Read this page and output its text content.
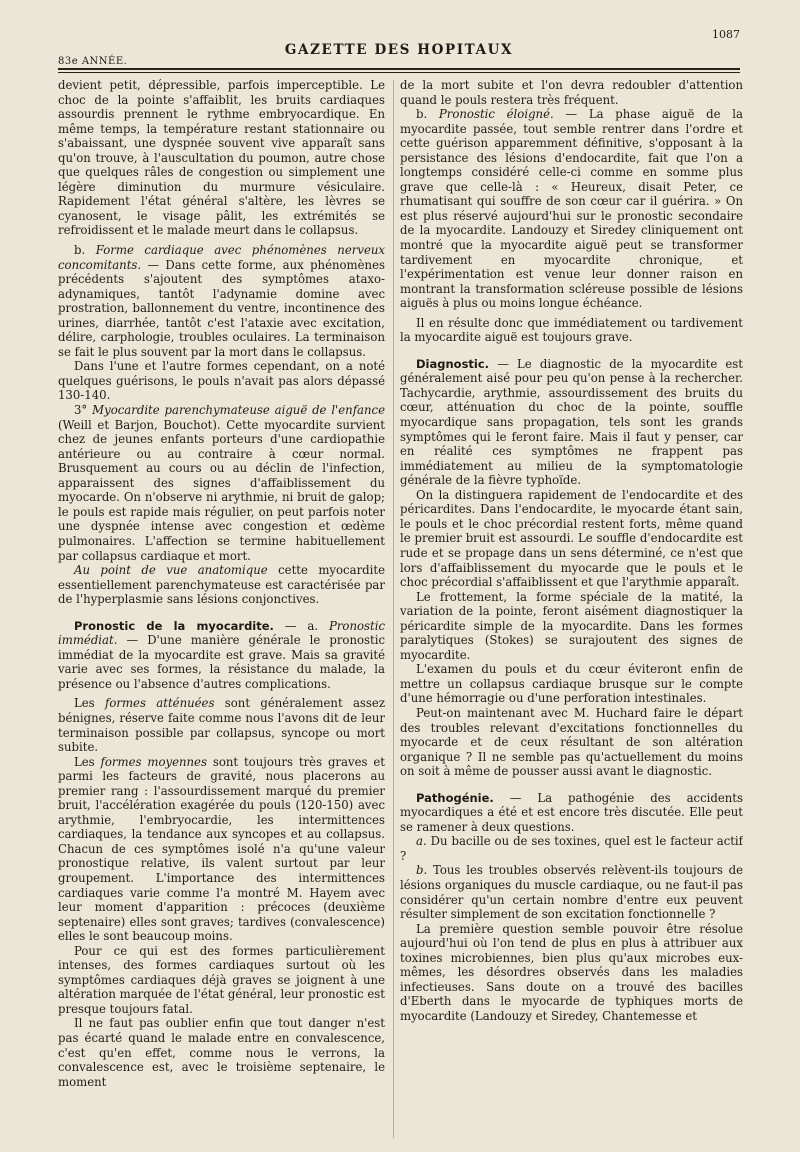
83e ANNÉE.
GAZETTE DES HOPITAUX
1087

devient petit, dépressible, parfois imperceptible. Le choc de la pointe s'affaiblit, les bruits cardiaques assourdis prennent le rythme embryocardique. En même temps, la température restant stationnaire ou s'abaissant, une dyspnée souvent vive apparaît sans qu'on trouve, à l'auscultation du poumon, autre chose que quelques râles de congestion ou simplement une légère diminution du murmure vésiculaire. Rapidement l'état général s'altère, les lèvres se cyanosent, le visage pâlit, les extrémités se refroidissent et le malade meurt dans le collapsus.

b. Forme cardiaque avec phénomènes nerveux concomitants. — Dans cette forme, aux phénomènes précédents s'ajoutent des symptômes ataxo-adynamiques, tantôt l'adynamie domine avec prostration, ballonnement du ventre, incontinence des urines, diarrhée, tantôt c'est l'ataxie avec excitation, délire, carphologie, troubles oculaires. La terminaison se fait le plus souvent par la mort dans le collapsus.

Dans l'une et l'autre formes cependant, on a noté quelques guérisons, le pouls n'avait pas alors dépassé 130-140.

3° Myocardite parenchymateuse aiguë de l'enfance (Weill et Barjon, Bouchot). Cette myocardite survient chez de jeunes enfants porteurs d'une cardiopathie antérieure ou au contraire à cœur normal. Brusquement au cours ou au déclin de l'infection, apparaissent des signes d'affaiblissement du myocarde. On n'observe ni arythmie, ni bruit de galop; le pouls est rapide mais régulier, on peut parfois noter une dyspnée intense avec congestion et œdème pulmonaires. L'affection se termine habituellement par collapsus cardiaque et mort.

Au point de vue anatomique cette myocardite essentiellement parenchymateuse est caractérisée par de l'hyperplasmie sans lésions conjonctives.

Pronostic de la myocardite. — a. Pronostic immédiat. — D'une manière générale le pronostic immédiat de la myocardite est grave. Mais sa gravité varie avec ses formes, la résistance du malade, la présence ou l'absence d'autres complications.

Les formes atténuées sont généralement assez bénignes, réserve faite comme nous l'avons dit de leur terminaison possible par collapsus, syncope ou mort subite.

Les formes moyennes sont toujours très graves et parmi les facteurs de gravité, nous placerons au premier rang : l'assourdissement marqué du premier bruit, l'accélération exagérée du pouls (120-150) avec arythmie, l'embryocardie, les intermittences cardiaques, la tendance aux syncopes et au collapsus. Chacun de ces symptômes isolé n'a qu'une valeur pronostique relative, ils valent surtout par leur groupement. L'importance des intermittences cardiaques varie comme l'a montré M. Hayem avec leur moment d'apparition : précoces (deuxième septenaire) elles sont graves; tardives (convalescence) elles le sont beaucoup moins.

Pour ce qui est des formes particulièrement intenses, des formes cardiaques surtout où les symptômes cardiaques déjà graves se joignent à une altération marquée de l'état général, leur pronostic est presque toujours fatal.

Il ne faut pas oublier enfin que tout danger n'est pas écarté quand le malade entre en convalescence, c'est qu'en effet, comme nous le verrons, la convalescence est, avec le troisième septenaire, le moment

de la mort subite et l'on devra redoubler d'attention quand le pouls restera très fréquent.

b. Pronostic éloigné. — La phase aiguë de la myocardite passée, tout semble rentrer dans l'ordre et cette guérison apparemment définitive, s'opposant à la persistance des lésions d'endocardite, fait que l'on a longtemps considéré celle-ci comme en somme plus grave que celle-là : « Heureux, disait Peter, ce rhumatisant qui souffre de son cœur car il guérira. » On est plus réservé aujourd'hui sur le pronostic secondaire de la myocardite. Landouzy et Siredey cliniquement ont montré que la myocardite aiguë peut se transformer tardivement en myocardite chronique, et l'expérimentation est venue leur donner raison en montrant la transformation scléreuse possible de lésions aiguës à plus ou moins longue échéance.

Il en résulte donc que immédiatement ou tardivement la myocardite aiguë est toujours grave.

Diagnostic. — Le diagnostic de la myocardite est généralement aisé pour peu qu'on pense à la rechercher. Tachycardie, arythmie, assourdissement des bruits du cœur, atténuation du choc de la pointe, souffle myocardique sans propagation, tels sont les grands symptômes qui le feront faire. Mais il faut y penser, car en réalité ces symptômes ne frappent pas immédiatement au milieu de la symptomatologie générale de la fièvre typhoïde.

On la distinguera rapidement de l'endocardite et des péricardites. Dans l'endocardite, le myocarde étant sain, le pouls et le choc précordial restent forts, même quand le premier bruit est assourdi. Le souffle d'endocardite est rude et se propage dans un sens déterminé, ce n'est que lors d'affaiblissement du myocarde que le pouls et le choc précordial s'affaiblissent et que l'arythmie apparaît.

Le frottement, la forme spéciale de la matité, la variation de la pointe, feront aisément diagnostiquer la péricardite simple de la myocardite. Dans les formes paralytiques (Stokes) se surajoutent des signes de myocardite.

L'examen du pouls et du cœur éviteront enfin de mettre un collapsus cardiaque brusque sur le compte d'une hémorragie ou d'une perforation intestinales.

Peut-on maintenant avec M. Huchard faire le départ des troubles relevant d'excitations fonctionnelles du myocarde et de ceux résultant de son altération organique ? Il ne semble pas qu'actuellement du moins on soit à même de pousser aussi avant le diagnostic.

Pathogénie. — La pathogénie des accidents myocardiques a été et est encore très discutée. Elle peut se ramener à deux questions.

a. Du bacille ou de ses toxines, quel est le facteur actif ?

b. Tous les troubles observés relèvent-ils toujours de lésions organiques du muscle cardiaque, ou ne faut-il pas considérer qu'un certain nombre d'entre eux peuvent résulter simplement de son excitation fonctionnelle ?

La première question semble pouvoir être résolue aujourd'hui où l'on tend de plus en plus à attribuer aux toxines microbiennes, bien plus qu'aux microbes eux-mêmes, les désordres observés dans les maladies infectieuses. Sans doute on a trouvé des bacilles d'Eberth dans le myocarde de typhiques morts de myocardite (Landouzy et Siredey, Chantemesse et
